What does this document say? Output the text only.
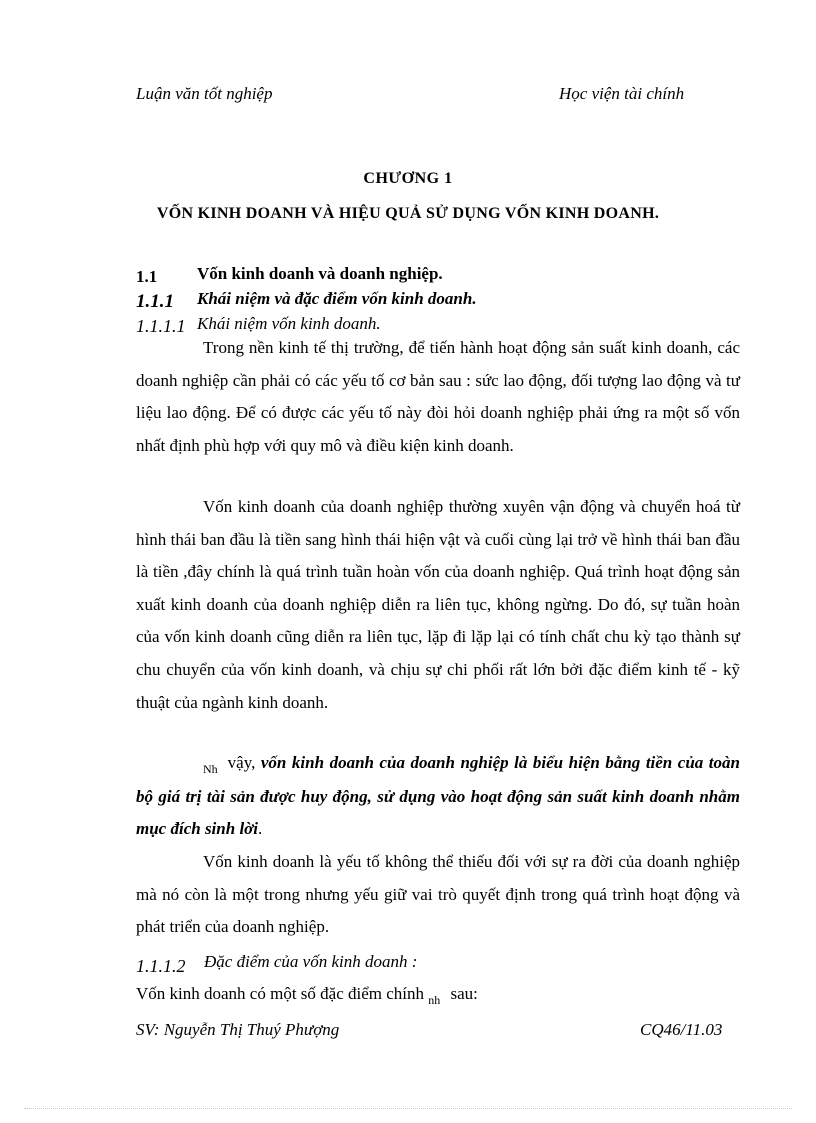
Luận văn tốt nghiệp	Học viện tài chính
CHƯƠNG 1
VỐN KINH DOANH VÀ HIỆU QUẢ SỬ DỤNG VỐN KINH DOANH.
1.1 Vốn kinh doanh và doanh nghiệp.
1.1.1 Khái niệm và đặc điểm vốn kinh doanh.
1.1.1.1 Khái niệm vốn kinh doanh.
Trong nền kinh tế thị trường, để tiến hành hoạt động sản suất kinh doanh, các doanh nghiệp cần phải có các yếu tố cơ bản sau : sức lao động, đối tượng lao động và tư liệu lao động. Để có được các yếu tố này đòi hỏi doanh nghiệp phải ứng ra một số vốn nhất định phù hợp với quy mô và điều kiện kinh doanh.
Vốn kinh doanh của doanh nghiệp thường xuyên vận động và chuyển hoá từ hình thái ban đầu là tiền sang hình thái hiện vật và cuối cùng lại trở về hình thái ban đầu là tiền ,đây chính là quá trình tuần hoàn vốn của doanh nghiệp. Quá trình hoạt động sản xuất kinh doanh của doanh nghiệp diễn ra liên tục, không ngừng. Do đó, sự tuần hoàn của vốn kinh doanh cũng diễn ra liên tục, lặp đi lặp lại có tính chất chu kỳ tạo thành sự chu chuyển của vốn kinh doanh, và chịu sự chi phối rất lớn bởi đặc điểm kinh tế - kỹ thuật của ngành kinh doanh.
$_{Nh}$ vậy, vốn kinh doanh của doanh nghiệp là biểu hiện bằng tiền của toàn bộ giá trị tài sản được huy động, sử dụng vào hoạt động sản suất kinh doanh nhằm mục đích sinh lời.
Vốn kinh doanh là yếu tố không thể thiếu đối với sự ra đời của doanh nghiệp mà nó còn là một trong nhưng yếu giữ vai trò quyết định trong quá trình hoạt động và phát triển của doanh nghiệp.
1.1.1.2 Đặc điểm của vốn kinh doanh :
Vốn kinh doanh có một số đặc điểm chính $_{nh}$ sau:
SV: Nguyễn Thị Thuý Phượng	CQ46/11.03
